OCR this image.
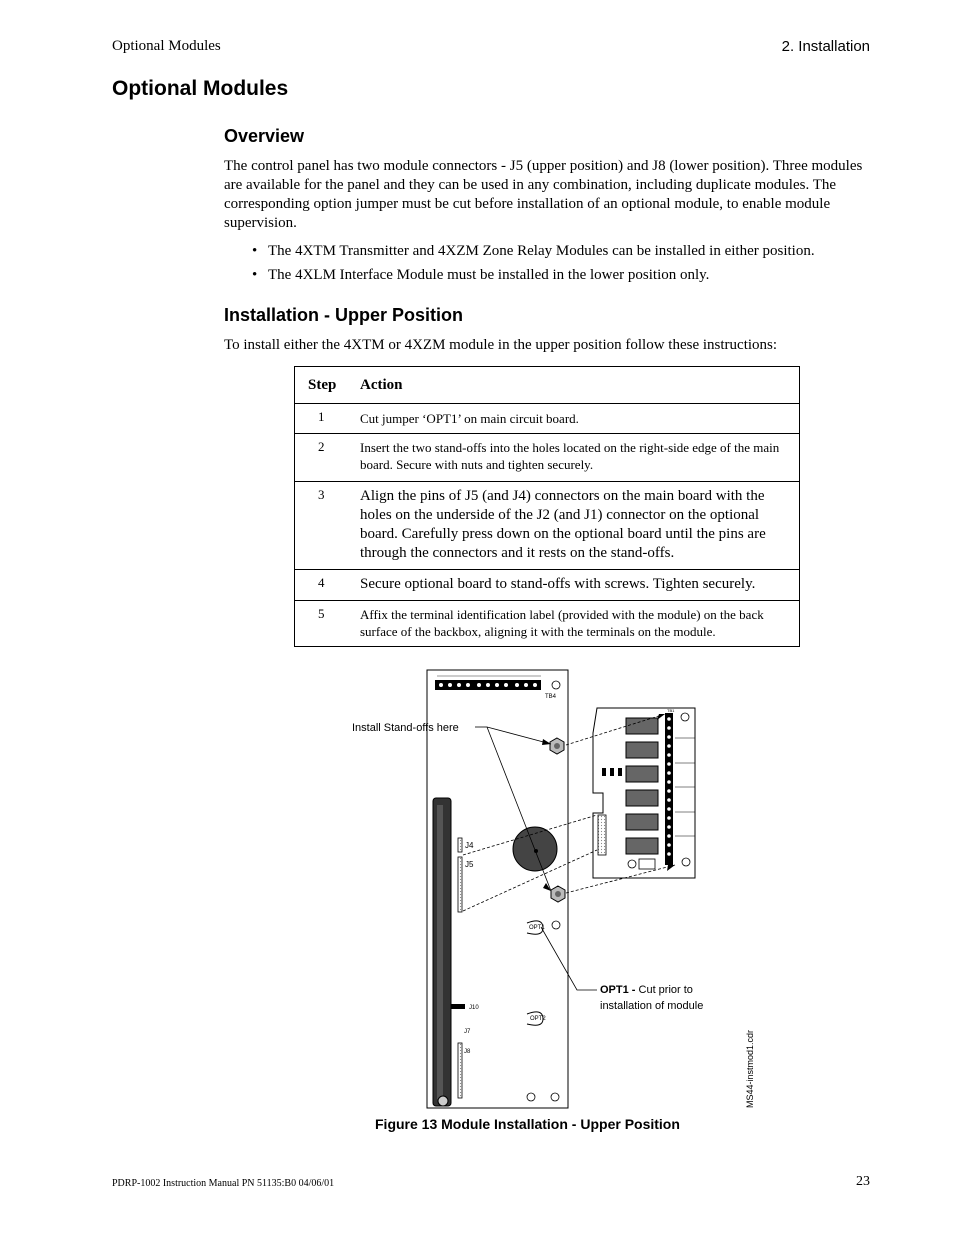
Optional Modules	2. Installation
Optional Modules
Overview

The control panel has two module connectors - J5 (upper position) and J8 (lower position). Three modules are available for the panel and they can be used in any combination, including duplicate modules. The corresponding option jumper must be cut before installation of an optional module, to enable module supervision.

• The 4XTM Transmitter and 4XZM Zone Relay Modules can be installed in either position.
• The 4XLM Interface Module must be installed in the lower position only.
Installation - Upper Position

To install either the 4XTM or 4XZM module in the upper position follow these instructions:

Step	Action
1	Cut jumper ‘OPT1’ on main circuit board.
2	Insert the two stand-offs into the holes located on the right-side edge of the main board. Secure with nuts and tighten securely.
3	Align the pins of J5 (and J4) connectors on the main board with the holes on the underside of the J2 (and J1) connector on the optional board. Carefully press down on the optional board until the pins are through the connectors and it rests on the stand-offs.
4	Secure optional board to stand-offs with screws. Tighten securely.
5	Affix the terminal identification label (provided with the module) on the back surface of the backbox, aligning it with the terminals on the module.
TB4
J4
J5
OPT1
J10
OPT2
J7
J8
TB1
Install Stand-offs here
OPT1 - Cut prior to
installation of module
MS44-instmod1.cdr

Figure 13 Module Installation - Upper Position

PDRP-1002 Instruction Manual PN 51135:B0 04/06/01	23
